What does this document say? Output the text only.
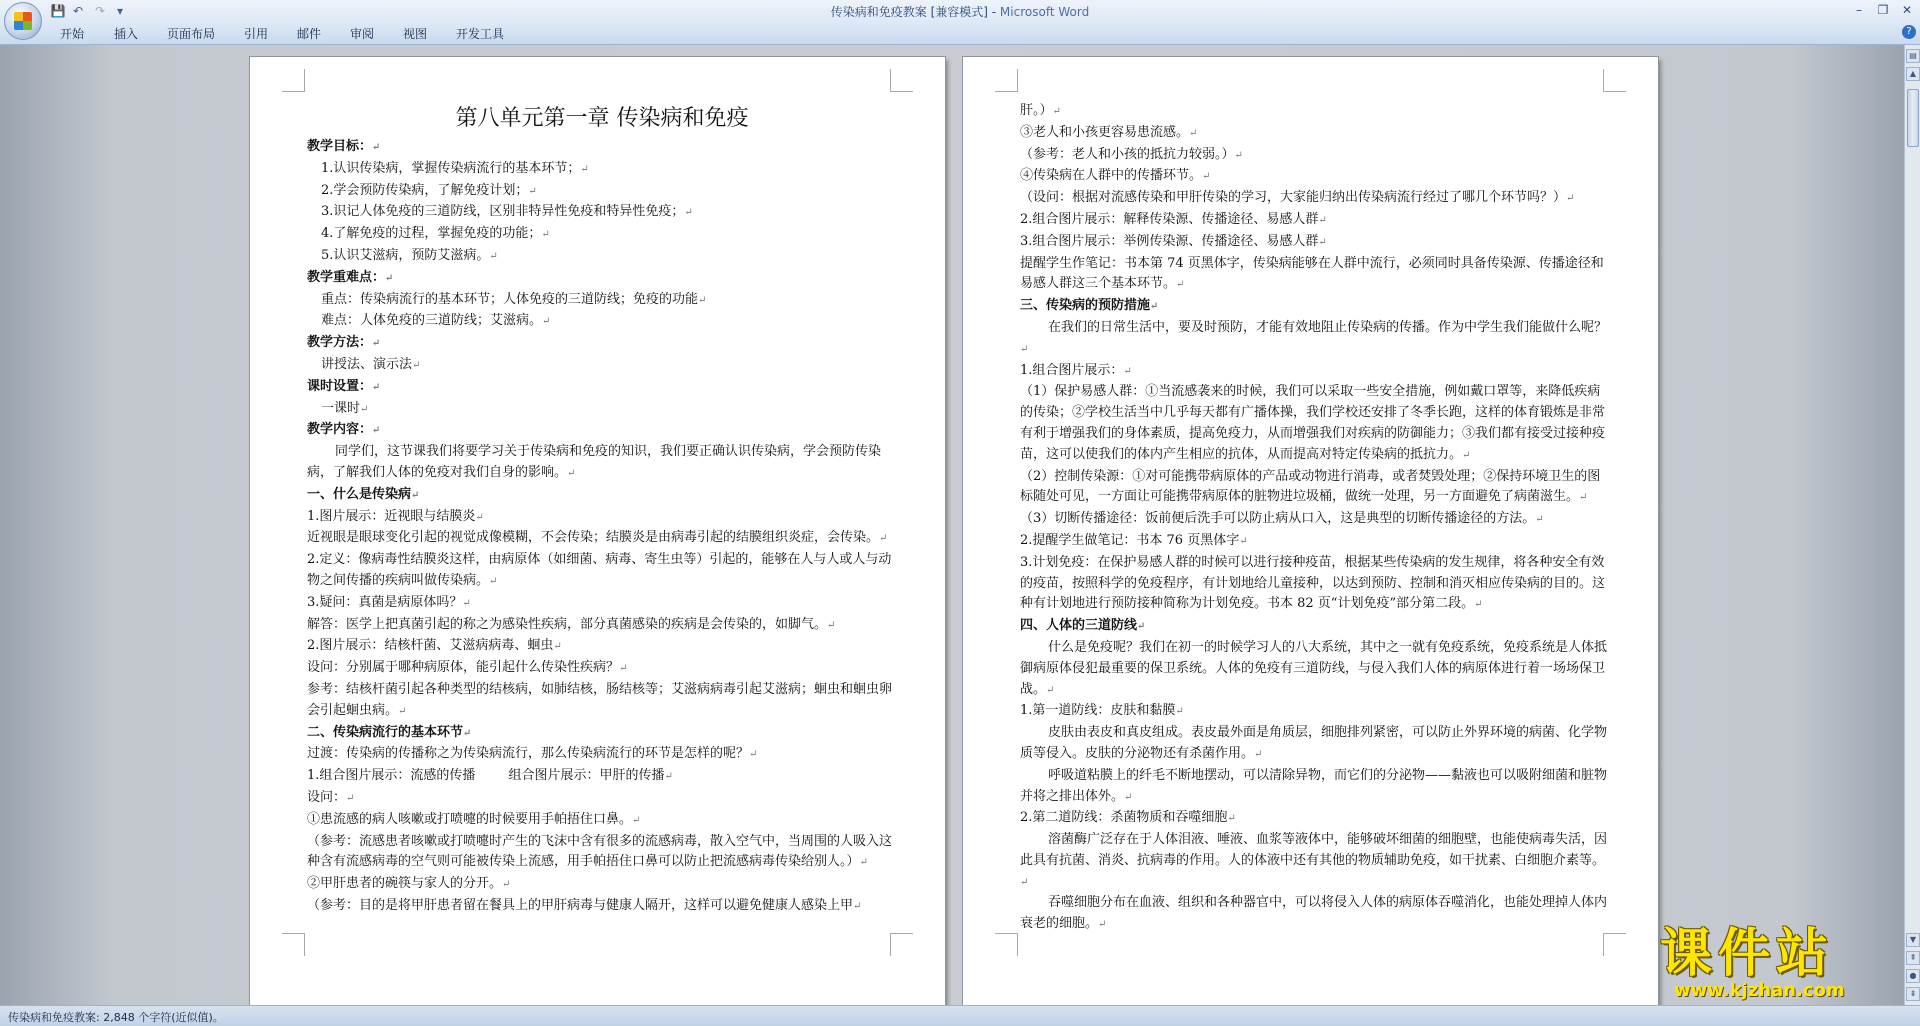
💾 ↶ ↷ ▾	传染病和免疫教案 [兼容模式] - Microsoft Word	–	❐	✕
开始 插入 页面布局 引用 邮件 审阅 视图 开发工具	?
第八单元第一章 传染病和免疫

教学目标：↵

1.认识传染病，掌握传染病流行的基本环节；↵

2.学会预防传染病，了解免疫计划；↵

3.识记人体免疫的三道防线，区别非特异性免疫和特异性免疫；↵

4.了解免疫的过程，掌握免疫的功能；↵

5.认识艾滋病，预防艾滋病。↵

教学重难点：↵

重点：传染病流行的基本环节；人体免疫的三道防线；免疫的功能↵

难点：人体免疫的三道防线；艾滋病。↵

教学方法：↵

讲授法、演示法↵

课时设置：↵

一课时↵

教学内容：↵

同学们，这节课我们将要学习关于传染病和免疫的知识，我们要正确认识传染病，学会预防传染病，了解我们人体的免疫对我们自身的影响。↵

一、什么是传染病↵

1.图片展示：近视眼与结膜炎↵

近视眼是眼球变化引起的视觉成像模糊，不会传染；结膜炎是由病毒引起的结膜组织炎症，会传染。↵

2.定义：像病毒性结膜炎这样，由病原体（如细菌、病毒、寄生虫等）引起的，能够在人与人或人与动物之间传播的疾病叫做传染病。↵

3.疑问：真菌是病原体吗？↵

解答：医学上把真菌引起的称之为感染性疾病，部分真菌感染的疾病是会传染的，如脚气。↵

2.图片展示：结核杆菌、艾滋病病毒、蛔虫↵

设问：分别属于哪种病原体，能引起什么传染性疾病？↵

参考：结核杆菌引起各种类型的结核病，如肺结核，肠结核等；艾滋病病毒引起艾滋病；蛔虫和蛔虫卵会引起蛔虫病。↵

二、传染病流行的基本环节↵

过渡：传染病的传播称之为传染病流行，那么传染病流行的环节是怎样的呢？↵

1.组合图片展示：流感的传播        组合图片展示：甲肝的传播↵

设问：↵

①患流感的病人咳嗽或打喷嚏的时候要用手帕捂住口鼻。↵

（参考：流感患者咳嗽或打喷嚏时产生的飞沫中含有很多的流感病毒，散入空气中，当周围的人吸入这种含有流感病毒的空气则可能被传染上流感，用手帕捂住口鼻可以防止把流感病毒传染给别人。）↵

②甲肝患者的碗筷与家人的分开。↵

（参考：目的是将甲肝患者留在餐具上的甲肝病毒与健康人隔开，这样可以避免健康人感染上甲↵

肝。）↵

③老人和小孩更容易患流感。↵

（参考：老人和小孩的抵抗力较弱。）↵

④传染病在人群中的传播环节。↵

（设问：根据对流感传染和甲肝传染的学习，大家能归纳出传染病流行经过了哪几个环节吗？）↵

2.组合图片展示：解释传染源、传播途径、易感人群↵

3.组合图片展示：举例传染源、传播途径、易感人群↵

提醒学生作笔记：书本第 74 页黑体字，传染病能够在人群中流行，必须同时具备传染源、传播途径和易感人群这三个基本环节。↵

三、传染病的预防措施↵

在我们的日常生活中，要及时预防，才能有效地阻止传染病的传播。作为中学生我们能做什么呢？↵

1.组合图片展示：↵

（1）保护易感人群：①当流感袭来的时候，我们可以采取一些安全措施，例如戴口罩等，来降低疾病的传染；②学校生活当中几乎每天都有广播体操，我们学校还安排了冬季长跑，这样的体育锻炼是非常有利于增强我们的身体素质，提高免疫力，从而增强我们对疾病的防御能力；③我们都有接受过接种疫苗，这可以使我们的体内产生相应的抗体，从而提高对特定传染病的抵抗力。↵

（2）控制传染源：①对可能携带病原体的产品或动物进行消毒，或者焚毁处理；②保持环境卫生的图标随处可见，一方面让可能携带病原体的脏物进垃圾桶，做统一处理，另一方面避免了病菌滋生。↵

（3）切断传播途径：饭前便后洗手可以防止病从口入，这是典型的切断传播途径的方法。↵

2.提醒学生做笔记：书本 76 页黑体字↵

3.计划免疫：在保护易感人群的时候可以进行接种疫苗，根据某些传染病的发生规律，将各种安全有效的疫苗，按照科学的免疫程序，有计划地给儿童接种，以达到预防、控制和消灭相应传染病的目的。这种有计划地进行预防接种简称为计划免疫。书本 82 页“计划免疫”部分第二段。↵

四、人体的三道防线↵

什么是免疫呢？我们在初一的时候学习人的八大系统，其中之一就有免疫系统，免疫系统是人体抵御病原体侵犯最重要的保卫系统。人体的免疫有三道防线，与侵入我们人体的病原体进行着一场场保卫战。↵

1.第一道防线：皮肤和黏膜↵

皮肤由表皮和真皮组成。表皮最外面是角质层，细胞排列紧密，可以防止外界环境的病菌、化学物质等侵入。皮肤的分泌物还有杀菌作用。↵

呼吸道粘膜上的纤毛不断地摆动，可以清除异物，而它们的分泌物——黏液也可以吸附细菌和脏物并将之排出体外。↵

2.第二道防线：杀菌物质和吞噬细胞↵

溶菌酶广泛存在于人体泪液、唾液、血浆等液体中，能够破坏细菌的细胞壁，也能使病毒失活，因此具有抗菌、消炎、抗病毒的作用。人的体液中还有其他的物质辅助免疫，如干扰素、白细胞介素等。↵

吞噬细胞分布在血液、组织和各种器官中，可以将侵入人体的病原体吞噬消化，也能处理掉人体内衰老的细胞。↵

▤
▲
▼
⇞
●
⇟
传染病和免疫教案: 2,848 个字符(近似值)。
课件站
www.kjzhan.com
